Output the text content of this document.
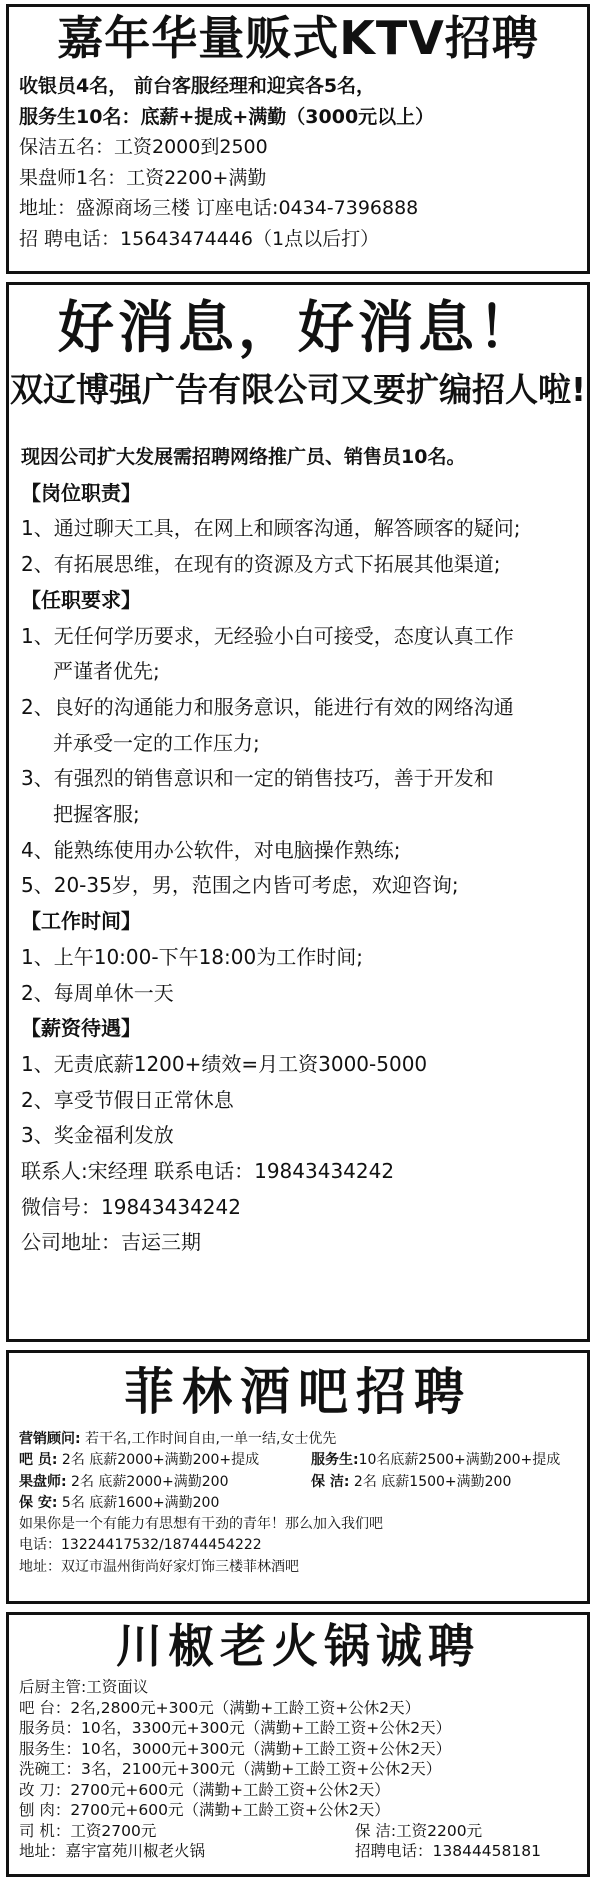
嘉年华量贩式KTV招聘
收银员4名， 前台客服经理和迎宾各5名，
服务生10名：底薪+提成+满勤（3000元以上）
保洁五名：工资2000到2500
果盘师1名：工资2200+满勤
地址：盛源商场三楼 订座电话:0434-7396888
招 聘电话：15643474446（1点以后打）
好消息，好消息！
双辽博强广告有限公司又要扩编招人啦!
现因公司扩大发展需招聘网络推广员、销售员10名。
【岗位职责】
1、通过聊天工具，在网上和顾客沟通，解答顾客的疑问;
2、有拓展思维，在现有的资源及方式下拓展其他渠道;
【任职要求】
1、无任何学历要求，无经验小白可接受，态度认真工作
严谨者优先;
2、良好的沟通能力和服务意识，能进行有效的网络沟通
并承受一定的工作压力;
3、有强烈的销售意识和一定的销售技巧，善于开发和
把握客服;
4、能熟练使用办公软件，对电脑操作熟练;
5、20-35岁，男，范围之内皆可考虑，欢迎咨询;
【工作时间】
1、上午10:00-下午18:00为工作时间;
2、每周单休一天
【薪资待遇】
1、无责底薪1200+绩效=月工资3000-5000
2、享受节假日正常休息
3、奖金福利发放
联系人:宋经理 联系电话：19843434242
微信号：19843434242
公司地址：吉运三期
菲林酒吧招聘
营销顾问: 若干名,工作时间自由,一单一结,女士优先
吧 员: 2名 底薪2000+满勤200+提成	服务生:10名底薪2500+满勤200+提成
果盘师: 2名 底薪2000+满勤200	保 洁: 2名 底薪1500+满勤200
保 安: 5名 底薪1600+满勤200
如果你是一个有能力有思想有干劲的青年！那么加入我们吧
电话：13224417532/18744454222
地址：双辽市温州街尚好家灯饰三楼菲林酒吧
川椒老火锅诚聘
后厨主管:工资面议
吧 台：2名,2800元+300元（满勤+工龄工资+公休2天）
服务员：10名，3300元+300元（满勤+工龄工资+公休2天）
服务生：10名，3000元+300元（满勤+工龄工资+公休2天）
洗碗工：3名，2100元+300元（满勤+工龄工资+公休2天）
改 刀：2700元+600元（满勤+工龄工资+公休2天）
刨 肉：2700元+600元（满勤+工龄工资+公休2天）
司 机：工资2700元	保 洁:工资2200元
地址：嘉宇富苑川椒老火锅	招聘电话：13844458181
